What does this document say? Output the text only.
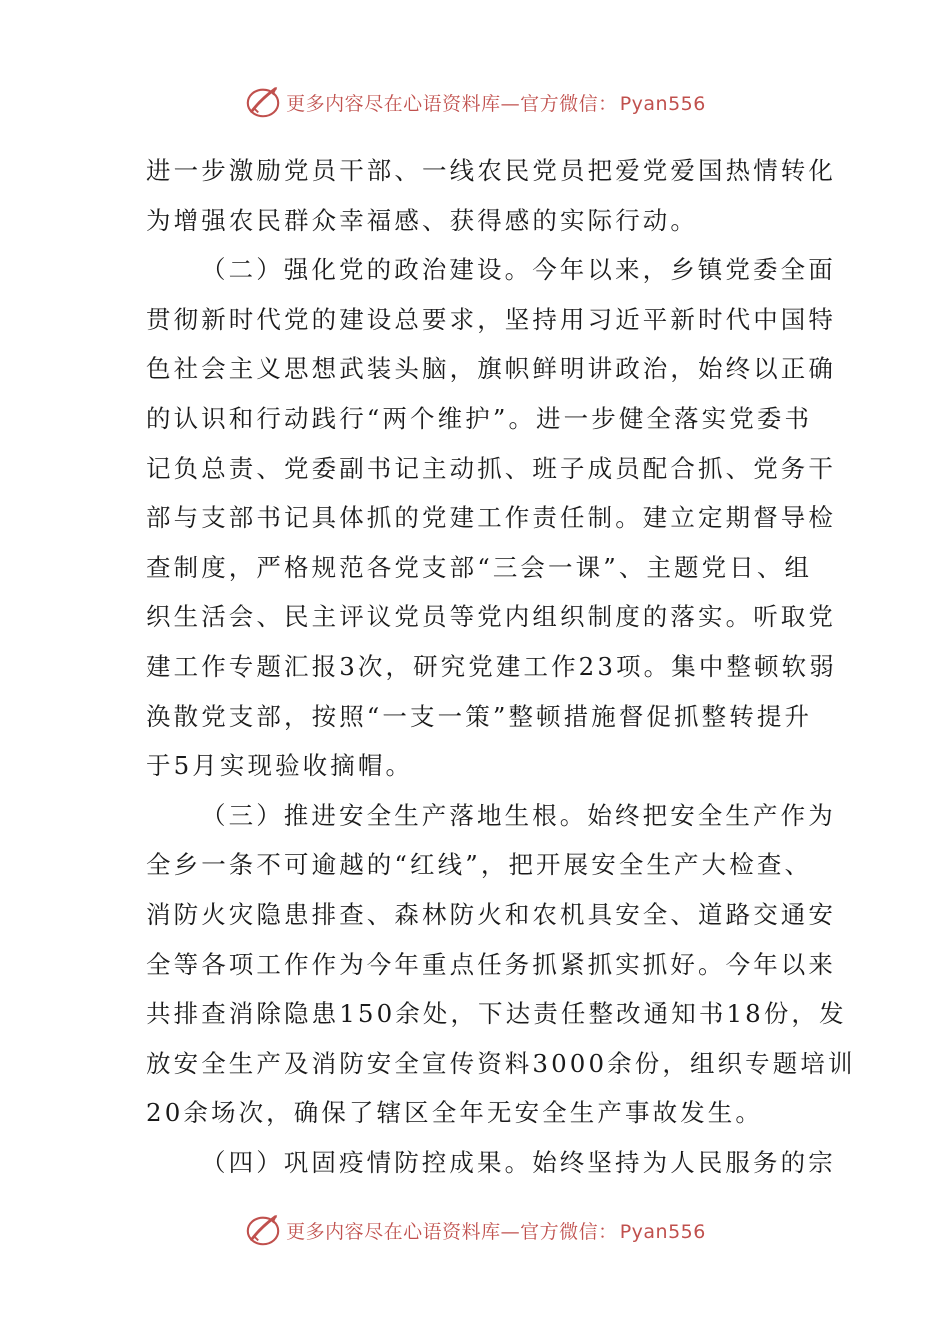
更多内容尽在心语资料库—官方微信： Pyan556

进一步激励党员干部、一线农民党员把爱党爱国热情转化
为增强农民群众幸福感、获得感的实际行动。

（二）强化党的政治建设。今年以来，乡镇党委全面
贯彻新时代党的建设总要求，坚持用习近平新时代中国特
色社会主义思想武装头脑，旗帜鲜明讲政治，始终以正确
的认识和行动践行“两个维护”。进一步健全落实党委书
记负总责、党委副书记主动抓、班子成员配合抓、党务干
部与支部书记具体抓的党建工作责任制。建立定期督导检
查制度，严格规范各党支部“三会一课”、主题党日、组
织生活会、民主评议党员等党内组织制度的落实。听取党
建工作专题汇报3次，研究党建工作23项。集中整顿软弱
涣散党支部，按照“一支一策”整顿措施督促抓整转提升
于5月实现验收摘帽。

（三）推进安全生产落地生根。始终把安全生产作为
全乡一条不可逾越的“红线”，把开展安全生产大检查、
消防火灾隐患排查、森林防火和农机具安全、道路交通安
全等各项工作作为今年重点任务抓紧抓实抓好。今年以来
共排查消除隐患150余处，下达责任整改通知书18份，发
放安全生产及消防安全宣传资料3000余份，组织专题培训
20余场次，确保了辖区全年无安全生产事故发生。

（四）巩固疫情防控成果。始终坚持为人民服务的宗

更多内容尽在心语资料库—官方微信： Pyan556
